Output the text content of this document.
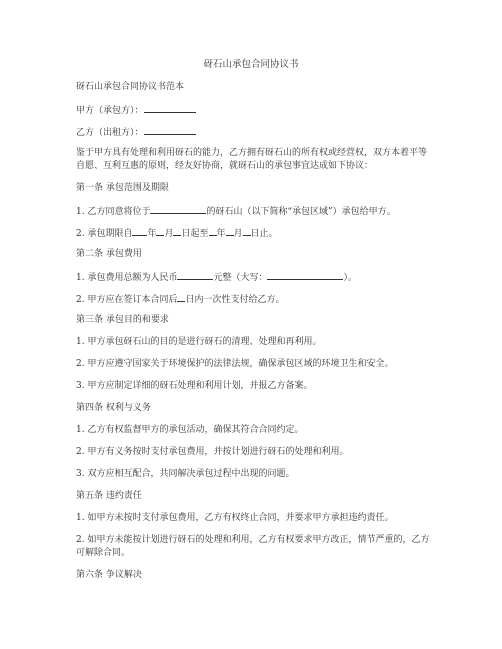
砑石山承包合同协议书
砑石山承包合同协议书范本
甲方（承包方）：
乙方（出租方）：
鉴于甲方具有处理和利用砑石的能力，乙方拥有砑石山的所有权或经营权，双方本着平等
自愿、互利互惠的原则，经友好协商，就砑石山的承包事宜达成如下协议：
第一条 承包范围及期限
1. 乙方同意将位于	的砑石山（以下简称“承包区域”）承包给甲方。
2. 承包期限自 年 月 日起至 年 月 日止。
第二条 承包费用
1. 承包费用总额为人民币	元整（大写：	）。
2. 甲方应在签订本合同后 日内一次性支付给乙方。
第三条 承包目的和要求
1. 甲方承包砑石山的目的是进行砑石的清理、处理和再利用。
2. 甲方应遵守国家关于环境保护的法律法规，确保承包区域的环境卫生和安全。
3. 甲方应制定详细的砑石处理和利用计划，并报乙方备案。
第四条 权利与义务
1. 乙方有权监督甲方的承包活动，确保其符合合同约定。
2. 甲方有义务按时支付承包费用，并按计划进行砑石的处理和利用。
3. 双方应相互配合，共同解决承包过程中出现的问题。
第五条 违约责任
1. 如甲方未按时支付承包费用，乙方有权终止合同，并要求甲方承担违约责任。
2. 如甲方未能按计划进行砑石的处理和利用，乙方有权要求甲方改正，情节严重的，乙方
可解除合同。
第六条 争议解决
